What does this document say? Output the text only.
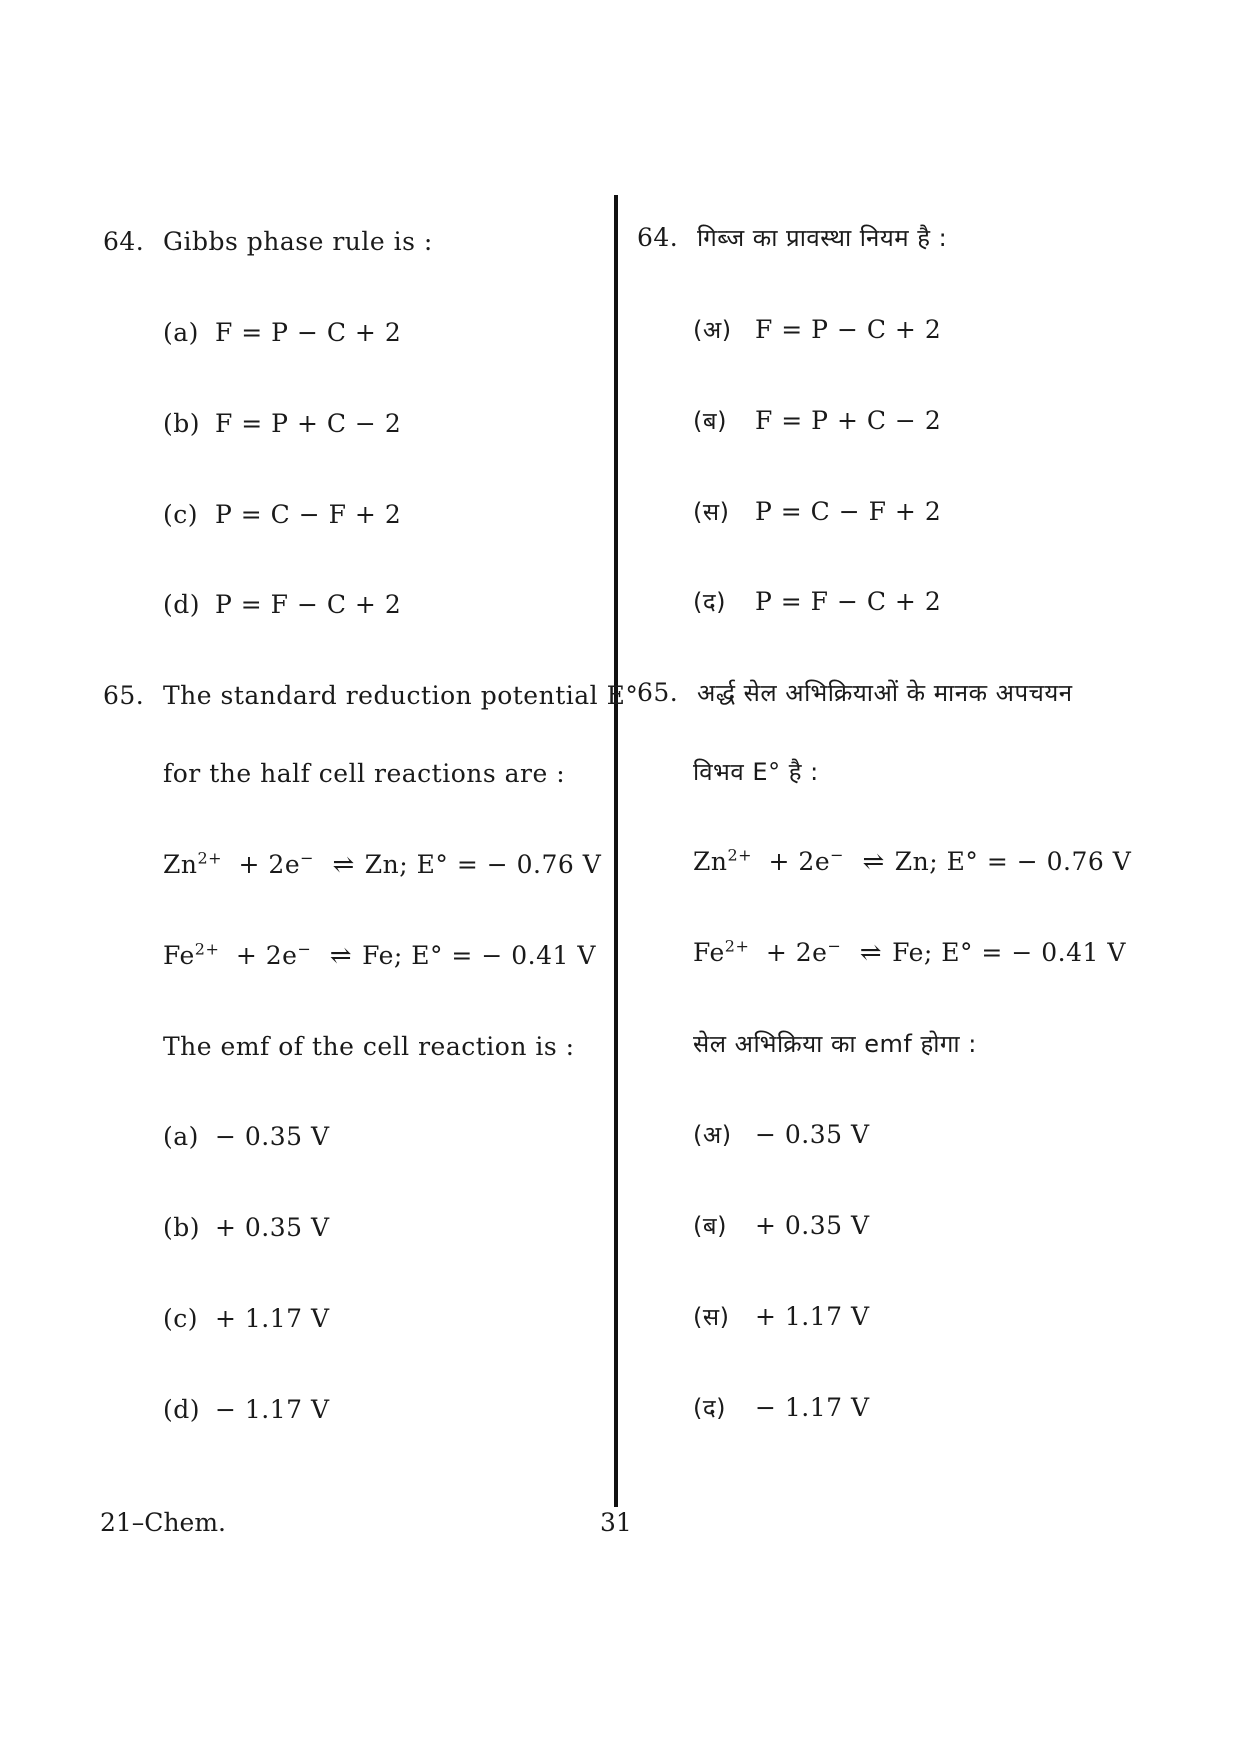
64. Gibbs phase rule is :
(a) F = P − C + 2
(b) F = P + C − 2
(c) P = C − F + 2
(d) P = F − C + 2
65. The standard reduction potential E°
for the half cell reactions are :
$Zn^{2+} + 2e^-$ ⇌ Zn; E° = − 0.76 V
$Fe^{2+} + 2e^-$ ⇌ Fe; E° = − 0.41 V
The emf of the cell reaction is :
(a) − 0.35 V
(b) + 0.35 V
(c) + 1.17 V
(d) − 1.17 V
64. गिब्ज का प्रावस्था नियम है :
(अ) F = P − C + 2
(ब) F = P + C − 2
(स) P = C − F + 2
(द) P = F − C + 2
65. अर्द्ध सेल अभिक्रियाओं के मानक अपचयन
विभव E° है :
$Zn^{2+} + 2e^-$ ⇌ Zn; E° = − 0.76 V
$Fe^{2+} + 2e^-$ ⇌ Fe; E° = − 0.41 V
सेल अभिक्रिया का emf होगा :
(अ) − 0.35 V
(ब) + 0.35 V
(स) + 1.17 V
(द) − 1.17 V
21–Chem.	31
